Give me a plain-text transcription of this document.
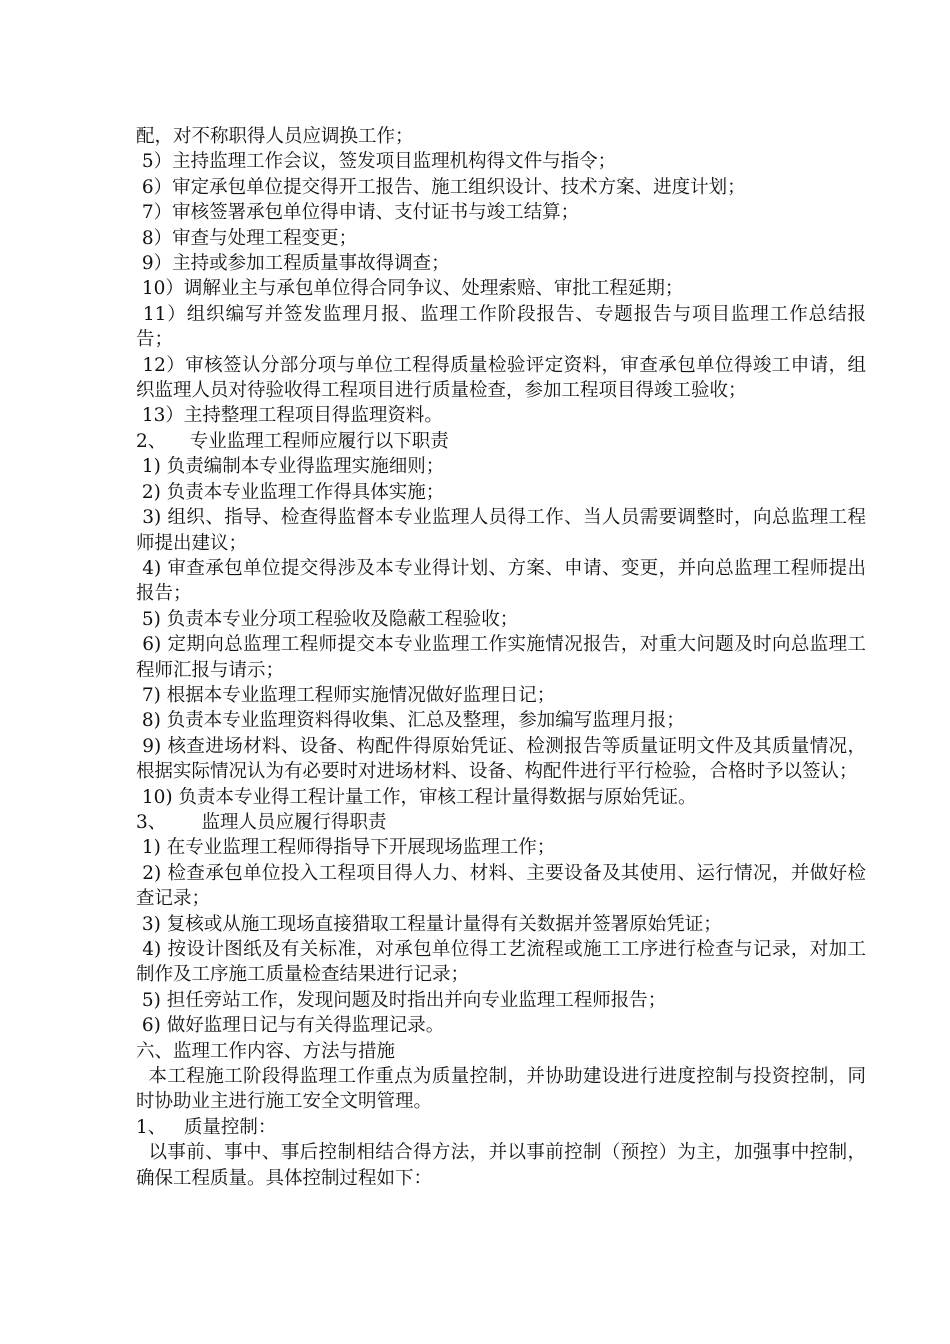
配，对不称职得人员应调换工作；

5）主持监理工作会议，签发项目监理机构得文件与指令；

6）审定承包单位提交得开工报告、施工组织设计、技术方案、进度计划；

7）审核签署承包单位得申请、支付证书与竣工结算；

8）审查与处理工程变更；

9）主持或参加工程质量事故得调查；

10）调解业主与承包单位得合同争议、处理索赔、审批工程延期；

11）组织编写并签发监理月报、监理工作阶段报告、专题报告与项目监理工作总结报告；

12）审核签认分部分项与单位工程得质量检验评定资料，审查承包单位得竣工申请，组织监理人员对待验收得工程项目进行质量检查，参加工程项目得竣工验收；

13）主持整理工程项目得监理资料。

2、    专业监理工程师应履行以下职责

1) 负责编制本专业得监理实施细则；

2) 负责本专业监理工作得具体实施；

3) 组织、指导、检查得监督本专业监理人员得工作、当人员需要调整时，向总监理工程师提出建议；

4) 审查承包单位提交得涉及本专业得计划、方案、申请、变更，并向总监理工程师提出报告；

5) 负责本专业分项工程验收及隐蔽工程验收；

6) 定期向总监理工程师提交本专业监理工作实施情况报告，对重大问题及时向总监理工程师汇报与请示；

7) 根据本专业监理工程师实施情况做好监理日记；

8) 负责本专业监理资料得收集、汇总及整理，参加编写监理月报；

9) 核查进场材料、设备、构配件得原始凭证、检测报告等质量证明文件及其质量情况，根据实际情况认为有必要时对进场材料、设备、构配件进行平行检验，合格时予以签认；

10) 负责本专业得工程计量工作，审核工程计量得数据与原始凭证。

3、      监理人员应履行得职责

1) 在专业监理工程师得指导下开展现场监理工作；

2) 检查承包单位投入工程项目得人力、材料、主要设备及其使用、运行情况，并做好检查记录；

3) 复核或从施工现场直接猎取工程量计量得有关数据并签署原始凭证；

4) 按设计图纸及有关标准，对承包单位得工艺流程或施工工序进行检查与记录，对加工制作及工序施工质量检查结果进行记录；

5) 担任旁站工作，发现问题及时指出并向专业监理工程师报告；

6) 做好监理日记与有关得监理记录。

六、监理工作内容、方法与措施

本工程施工阶段得监理工作重点为质量控制，并协助建设进行进度控制与投资控制，同时协助业主进行施工安全文明管理。

1、   质量控制：

以事前、事中、事后控制相结合得方法，并以事前控制（预控）为主，加强事中控制，确保工程质量。具体控制过程如下：
